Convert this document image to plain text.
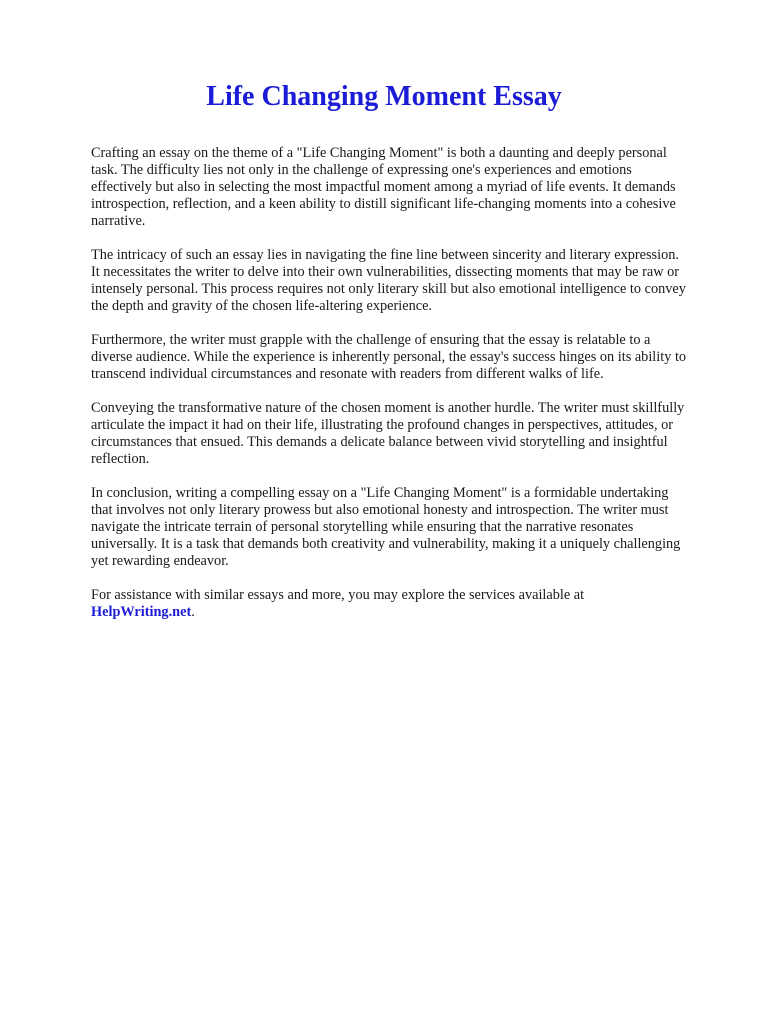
Life Changing Moment Essay

Crafting an essay on the theme of a "Life Changing Moment" is both a daunting and deeply personal task. The difficulty lies not only in the challenge of expressing one's experiences and emotions effectively but also in selecting the most impactful moment among a myriad of life events. It demands introspection, reflection, and a keen ability to distill significant life-changing moments into a cohesive narrative.

The intricacy of such an essay lies in navigating the fine line between sincerity and literary expression. It necessitates the writer to delve into their own vulnerabilities, dissecting moments that may be raw or intensely personal. This process requires not only literary skill but also emotional intelligence to convey the depth and gravity of the chosen life-altering experience.

Furthermore, the writer must grapple with the challenge of ensuring that the essay is relatable to a diverse audience. While the experience is inherently personal, the essay's success hinges on its ability to transcend individual circumstances and resonate with readers from different walks of life.

Conveying the transformative nature of the chosen moment is another hurdle. The writer must skillfully articulate the impact it had on their life, illustrating the profound changes in perspectives, attitudes, or circumstances that ensued. This demands a delicate balance between vivid storytelling and insightful reflection.

In conclusion, writing a compelling essay on a "Life Changing Moment" is a formidable undertaking that involves not only literary prowess but also emotional honesty and introspection. The writer must navigate the intricate terrain of personal storytelling while ensuring that the narrative resonates universally. It is a task that demands both creativity and vulnerability, making it a uniquely challenging yet rewarding endeavor.

For assistance with similar essays and more, you may explore the services available at
HelpWriting.net.
